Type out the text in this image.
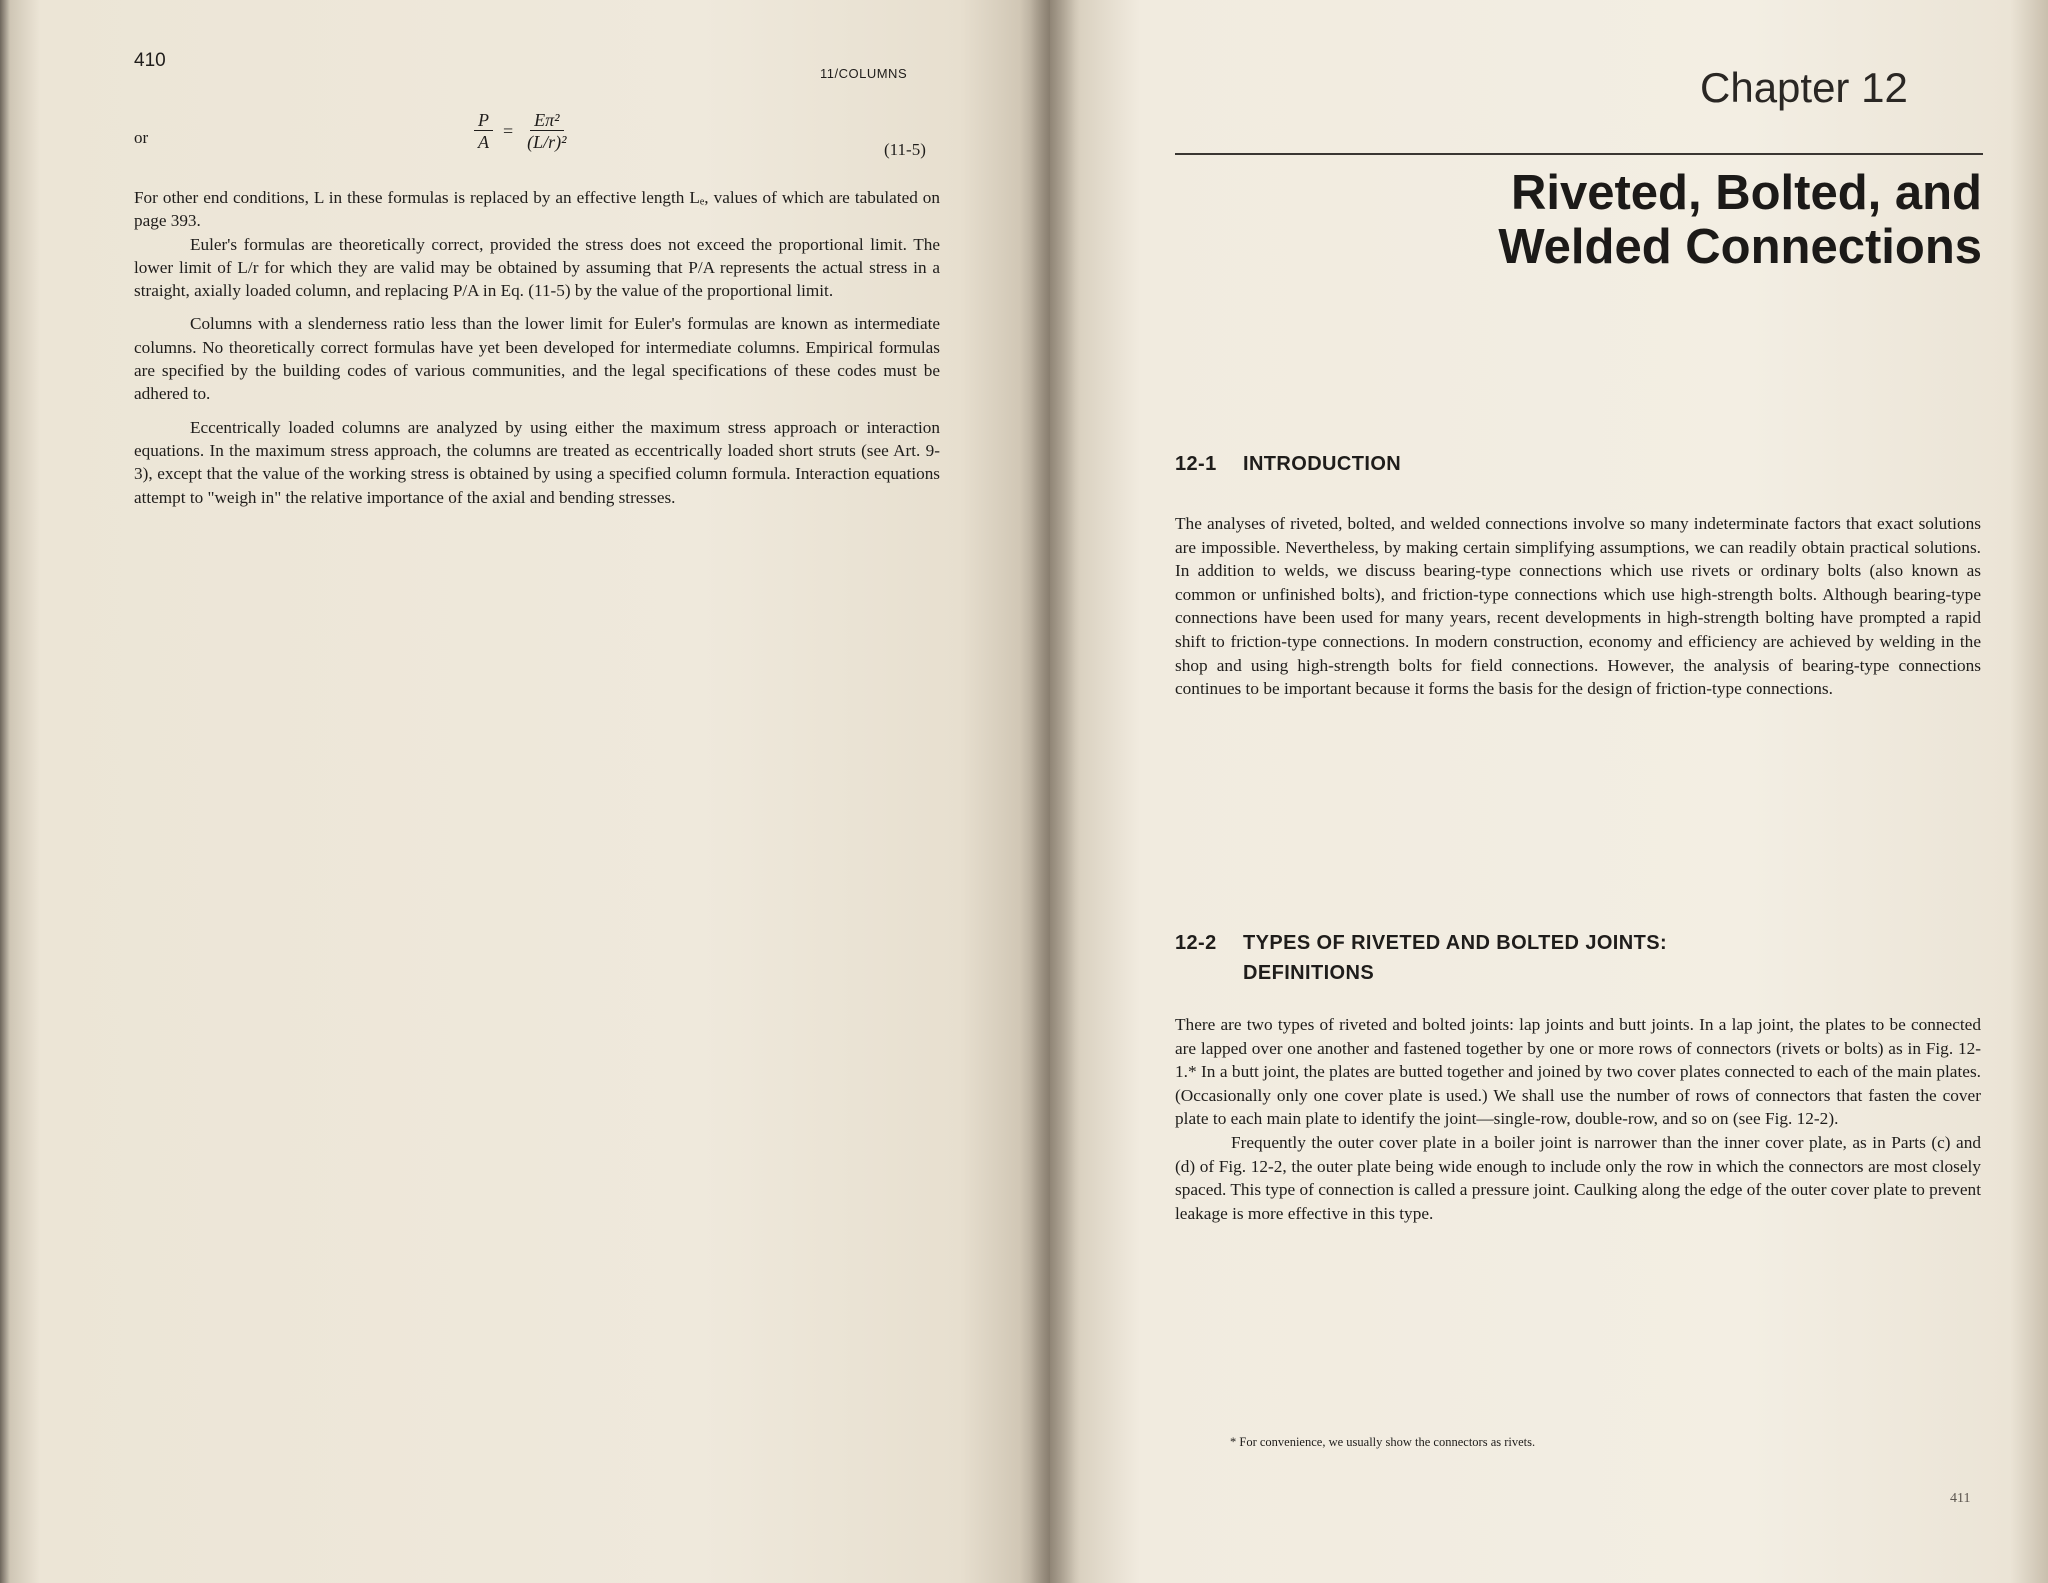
410
11/COLUMNS
or	$\frac{P}{A} = \frac{\text{Eπ²}}{\text{(L/r)²}}$	(11-5)

For other end conditions, L in these formulas is replaced by an effective length Lₑ, values of which are tabulated on page 393.

Euler's formulas are theoretically correct, provided the stress does not exceed the proportional limit. The lower limit of L/r for which they are valid may be obtained by assuming that P/A represents the actual stress in a straight, axially loaded column, and replacing P/A in Eq. (11-5) by the value of the proportional limit.

Columns with a slenderness ratio less than the lower limit for Euler's formulas are known as intermediate columns. No theoretically correct formulas have yet been developed for intermediate columns. Empirical formulas are specified by the building codes of various communities, and the legal specifications of these codes must be adhered to.

Eccentrically loaded columns are analyzed by using either the maximum stress approach or interaction equations. In the maximum stress approach, the columns are treated as eccentrically loaded short struts (see Art. 9-3), except that the value of the working stress is obtained by using a specified column formula. Interaction equations attempt to "weigh in" the relative importance of the axial and bending stresses.

Chapter 12
Riveted, Bolted, and
Welded Connections
12-1 INTRODUCTION

The analyses of riveted, bolted, and welded connections involve so many indeterminate factors that exact solutions are impossible. Nevertheless, by making certain simplifying assumptions, we can readily obtain practical solutions. In addition to welds, we discuss bearing-type connections which use rivets or ordinary bolts (also known as common or unfinished bolts), and friction-type connections which use high-strength bolts. Although bearing-type connections have been used for many years, recent developments in high-strength bolting have prompted a rapid shift to friction-type connections. In modern construction, economy and efficiency are achieved by welding in the shop and using high-strength bolts for field connections. However, the analysis of bearing-type connections continues to be important because it forms the basis for the design of friction-type connections.

12-2 TYPES OF RIVETED AND BOLTED JOINTS:
DEFINITIONS

There are two types of riveted and bolted joints: lap joints and butt joints. In a lap joint, the plates to be connected are lapped over one another and fastened together by one or more rows of connectors (rivets or bolts) as in Fig. 12-1.* In a butt joint, the plates are butted together and joined by two cover plates connected to each of the main plates. (Occasionally only one cover plate is used.) We shall use the number of rows of connectors that fasten the cover plate to each main plate to identify the joint—single-row, double-row, and so on (see Fig. 12-2).

Frequently the outer cover plate in a boiler joint is narrower than the inner cover plate, as in Parts (c) and (d) of Fig. 12-2, the outer plate being wide enough to include only the row in which the connectors are most closely spaced. This type of connection is called a pressure joint. Caulking along the edge of the outer cover plate to prevent leakage is more effective in this type.

* For convenience, we usually show the connectors as rivets.
411
